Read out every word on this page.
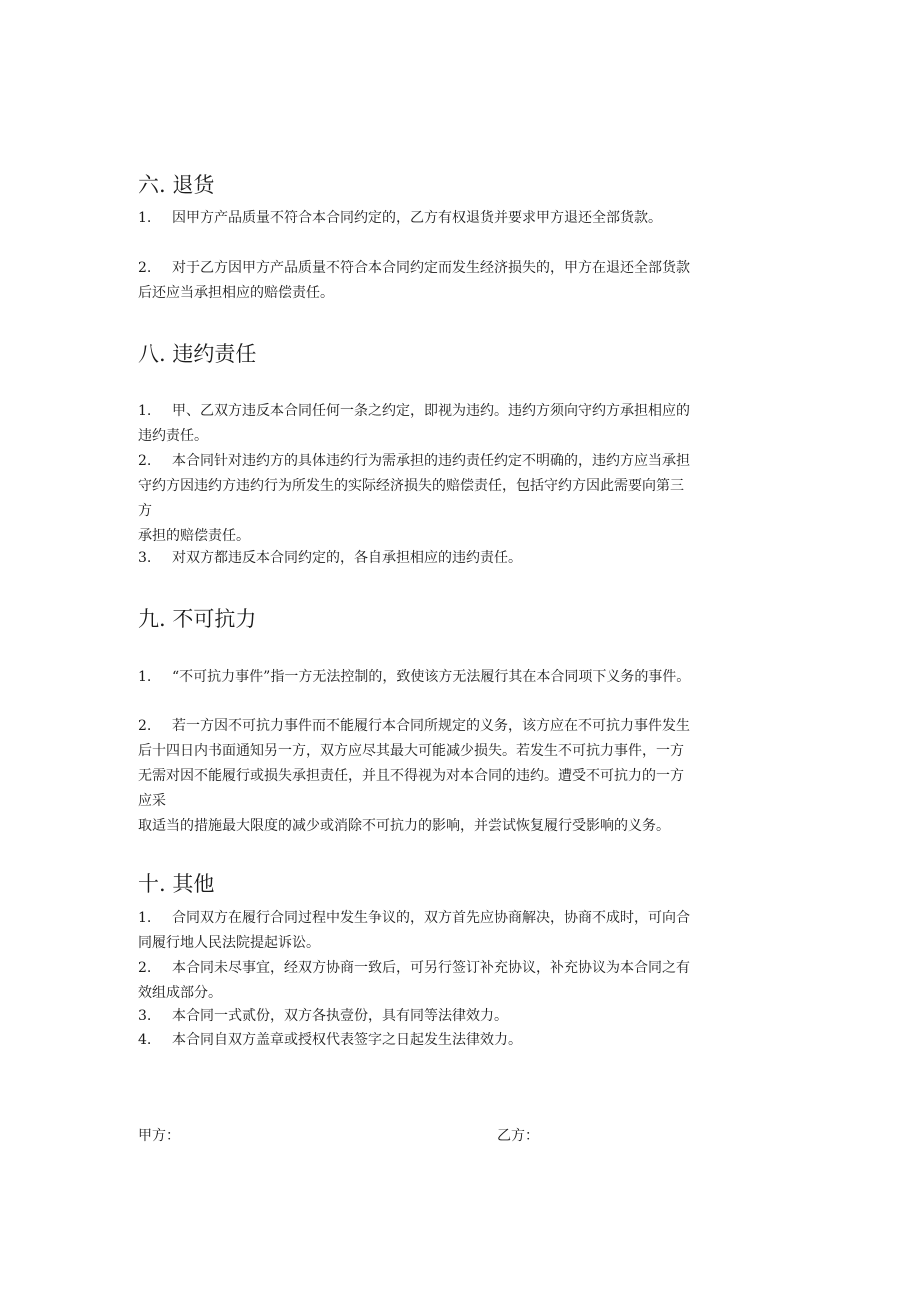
六. 退货
1. 因甲方产品质量不符合本合同约定的，乙方有权退货并要求甲方退还全部货款。
2. 对于乙方因甲方产品质量不符合本合同约定而发生经济损失的，甲方在退还全部货款
后还应当承担相应的赔偿责任。
八. 违约责任
1. 甲、乙双方违反本合同任何一条之约定，即视为违约。违约方须向守约方承担相应的
违约责任。
2. 本合同针对违约方的具体违约行为需承担的违约责任约定不明确的，违约方应当承担
守约方因违约方违约行为所发生的实际经济损失的赔偿责任，包括守约方因此需要向第三
方
承担的赔偿责任。
3. 对双方都违反本合同约定的，各自承担相应的违约责任。
九. 不可抗力
1. “不可抗力事件”指一方无法控制的，致使该方无法履行其在本合同项下义务的事件。
2. 若一方因不可抗力事件而不能履行本合同所规定的义务，该方应在不可抗力事件发生
后十四日内书面通知另一方，双方应尽其最大可能减少损失。若发生不可抗力事件，一方
无需对因不能履行或损失承担责任，并且不得视为对本合同的违约。遭受不可抗力的一方
应采
取适当的措施最大限度的减少或消除不可抗力的影响，并尝试恢复履行受影响的义务。
十. 其他
1. 合同双方在履行合同过程中发生争议的，双方首先应协商解决，协商不成时，可向合
同履行地人民法院提起诉讼。
2. 本合同未尽事宜，经双方协商一致后，可另行签订补充协议，补充协议为本合同之有
效组成部分。
3. 本合同一式贰份，双方各执壹份，具有同等法律效力。
4. 本合同自双方盖章或授权代表签字之日起发生法律效力。
甲方：	乙方：
